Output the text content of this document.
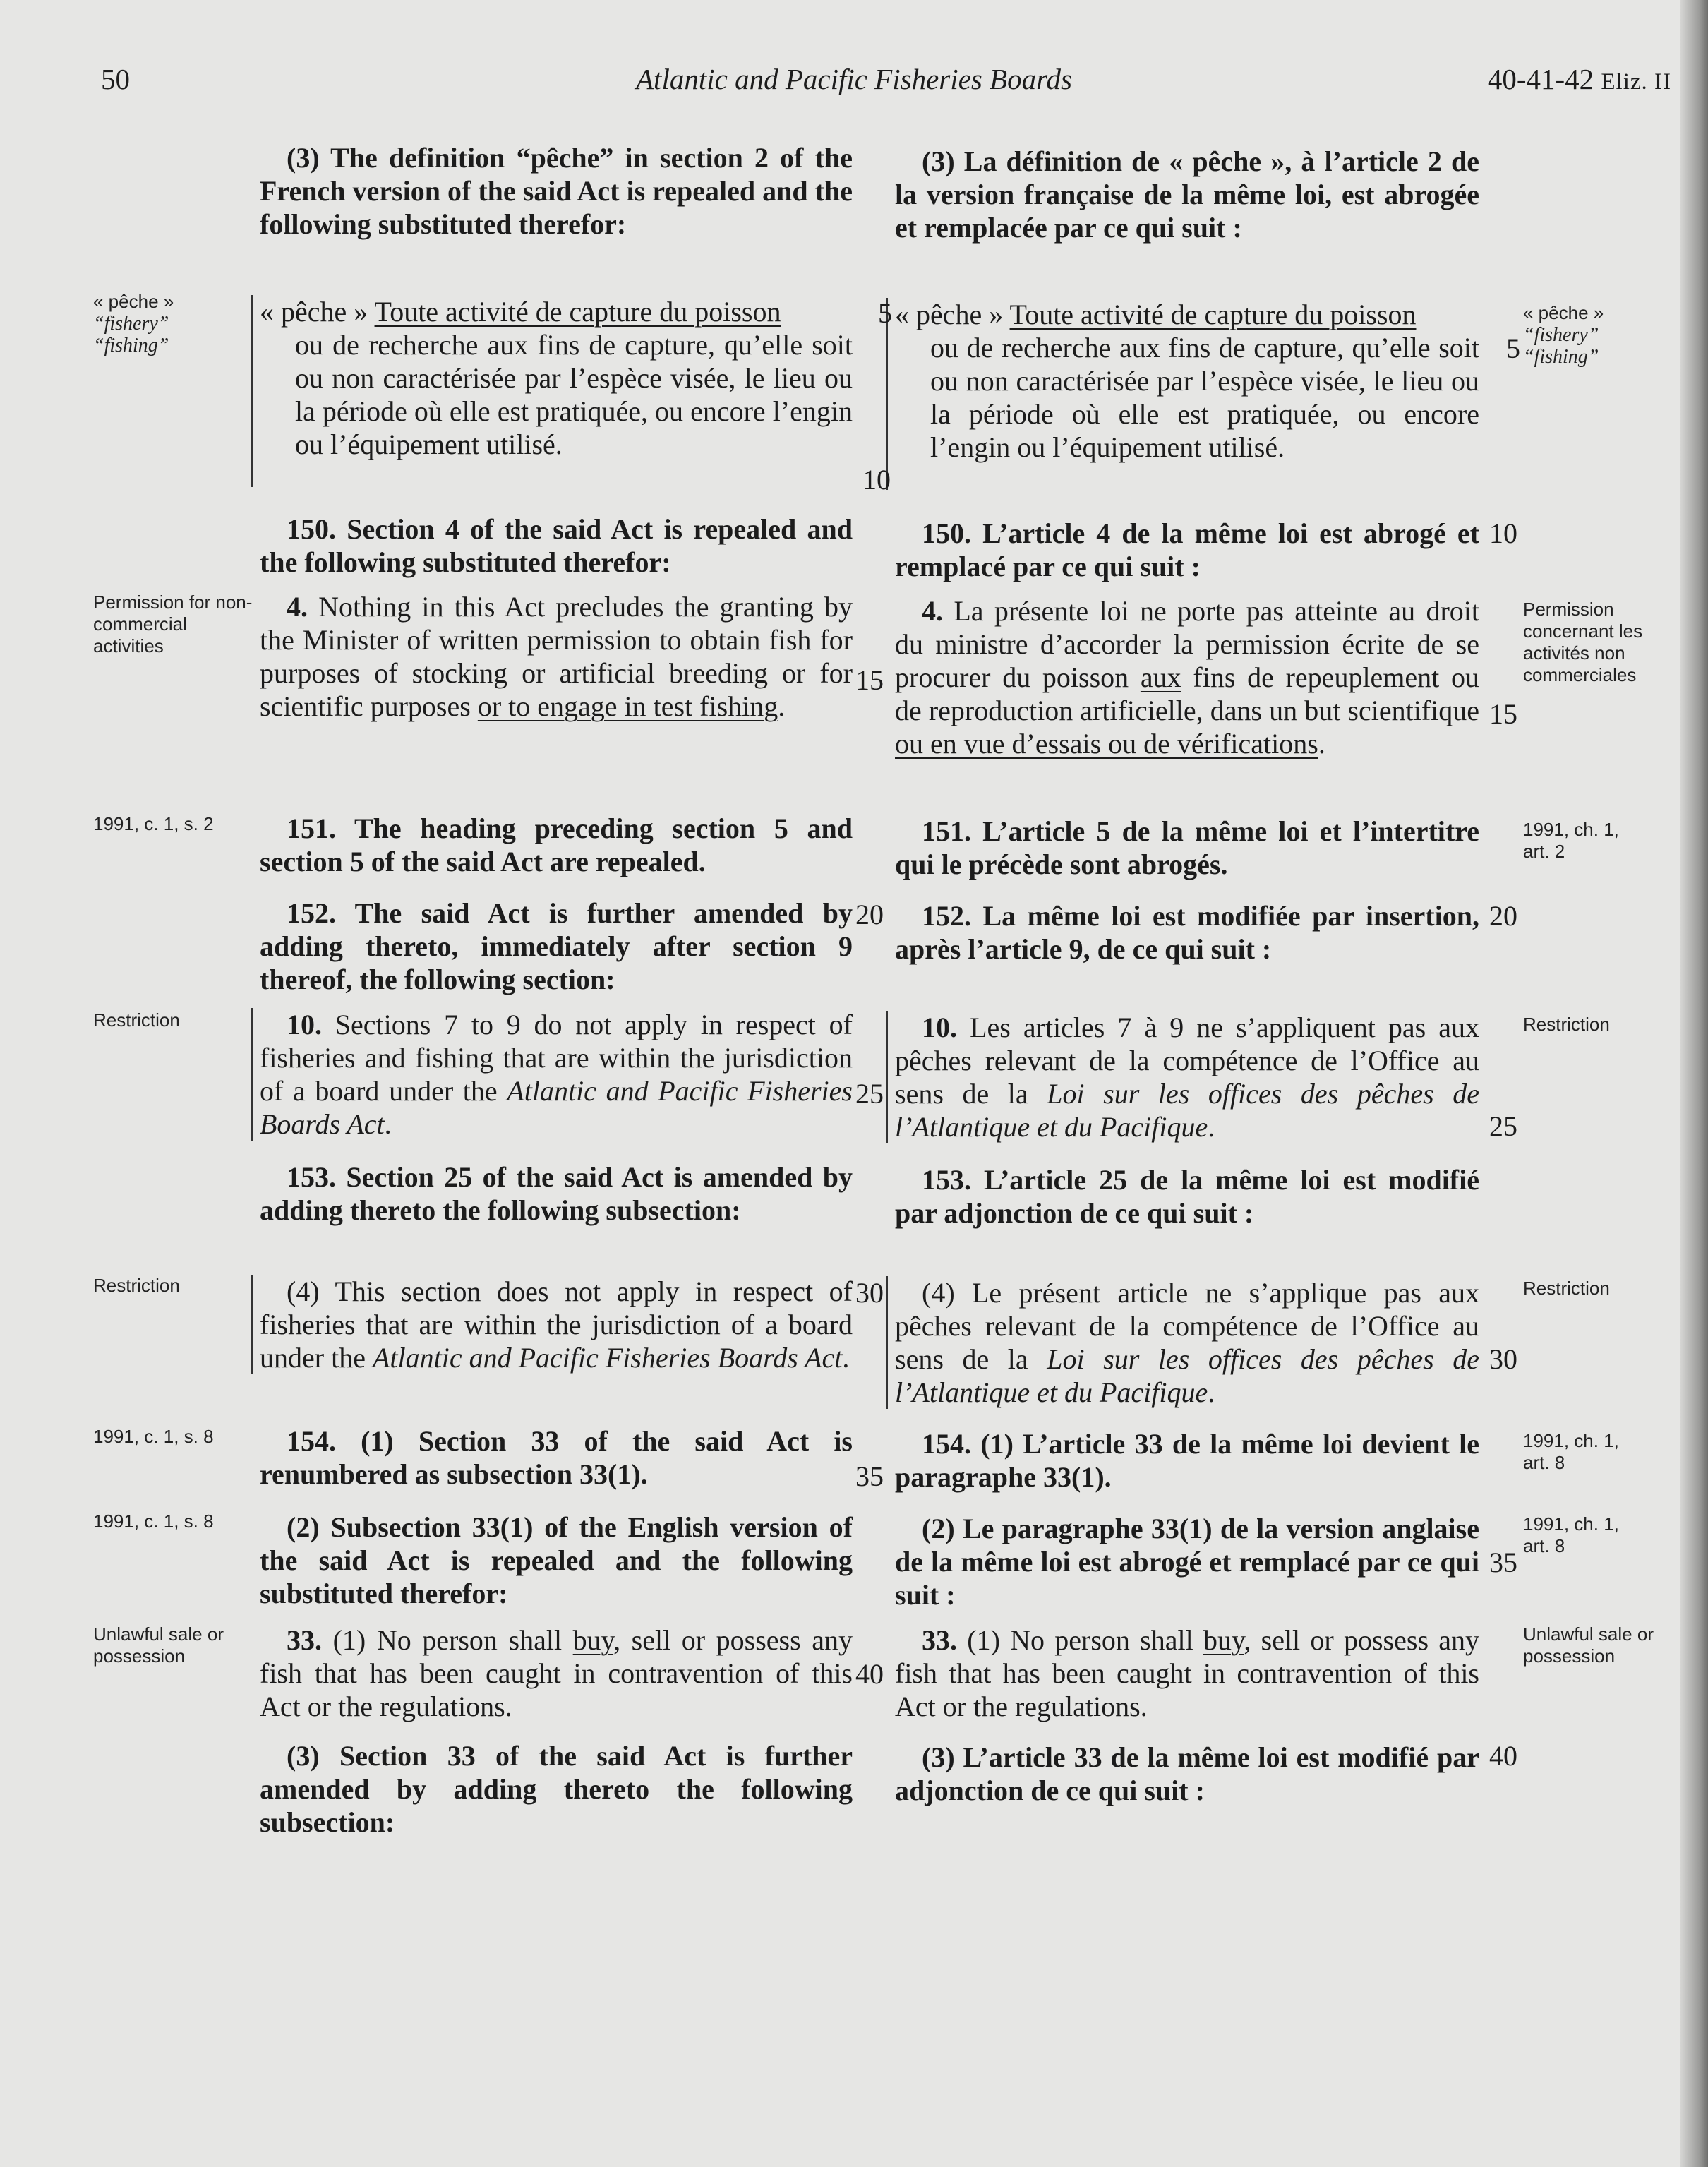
50	Atlantic and Pacific Fisheries Boards	40-41-42 Eliz. II

(3) The definition “pêche” in section 2 of the French version of the said Act is repealed and the following substituted therefor:

« pêche » Toute activité de capture du poisson
ou de recherche aux fins de capture, qu’elle soit ou non caractérisée par l’espèce visée, le lieu ou la période où elle est pratiquée, ou encore l’engin ou l’équipement utilisé.

150. Section 4 of the said Act is repealed and the following substituted therefor:

4. Nothing in this Act precludes the granting by the Minister of written permission to obtain fish for purposes of stocking or artificial breeding or for scientific purposes or to engage in test fishing.

151. The heading preceding section 5 and section 5 of the said Act are repealed.

152. The said Act is further amended by adding thereto, immediately after section 9 thereof, the following section:

10. Sections 7 to 9 do not apply in respect of fisheries and fishing that are within the jurisdiction of a board under the Atlantic and Pacific Fisheries Boards Act.

153. Section 25 of the said Act is amended by adding thereto the following subsection:

(4) This section does not apply in respect of fisheries that are within the jurisdiction of a board under the Atlantic and Pacific Fisheries Boards Act.

154. (1) Section 33 of the said Act is renumbered as subsection 33(1).

(2) Subsection 33(1) of the English version of the said Act is repealed and the following substituted therefor:

33. (1) No person shall buy, sell or possess any fish that has been caught in contravention of this Act or the regulations.

(3) Section 33 of the said Act is further amended by adding thereto the following subsection:

(3) La définition de « pêche », à l’article 2 de la version française de la même loi, est abrogée et remplacée par ce qui suit :

« pêche » Toute activité de capture du poisson
ou de recherche aux fins de capture, qu’elle soit ou non caractérisée par l’espèce visée, le lieu ou la période où elle est pratiquée, ou encore l’engin ou l’équipement utilisé.

150. L’article 4 de la même loi est abrogé et remplacé par ce qui suit :

4. La présente loi ne porte pas atteinte au droit du ministre d’accorder la permission écrite de se procurer du poisson aux fins de repeuplement ou de reproduction artificielle, dans un but scientifique ou en vue d’essais ou de vérifications.

151. L’article 5 de la même loi et l’intertitre qui le précède sont abrogés.

152. La même loi est modifiée par insertion, après l’article 9, de ce qui suit :

10. Les articles 7 à 9 ne s’appliquent pas aux pêches relevant de la compétence de l’Office au sens de la Loi sur les offices des pêches de l’Atlantique et du Pacifique.

153. L’article 25 de la même loi est modifié par adjonction de ce qui suit :

(4) Le présent article ne s’applique pas aux pêches relevant de la compétence de l’Office au sens de la Loi sur les offices des pêches de l’Atlantique et du Pacifique.

154. (1) L’article 33 de la même loi devient le paragraphe 33(1).

(2) Le paragraphe 33(1) de la version anglaise de la même loi est abrogé et remplacé par ce qui suit :

33. (1) No person shall buy, sell or possess any fish that has been caught in contravention of this Act or the regulations.

(3) L’article 33 de la même loi est modifié par adjonction de ce qui suit :

« pêche »
“fishery”
“fishing”
Permission for non-commercial activities
1991, c. 1, s. 2
Restriction
Restriction
1991, c. 1, s. 8
1991, c. 1, s. 8
Unlawful sale or possession
« pêche »
“fishery”
“fishing”
Permission concernant les activités non commerciales
1991, ch. 1, art. 2
Restriction
Restriction
1991, ch. 1, art. 8
1991, ch. 1, art. 8
Unlawful sale or possession
5
10
15
20
25
30
35
40
5
10
15
20
25
30
35
40
